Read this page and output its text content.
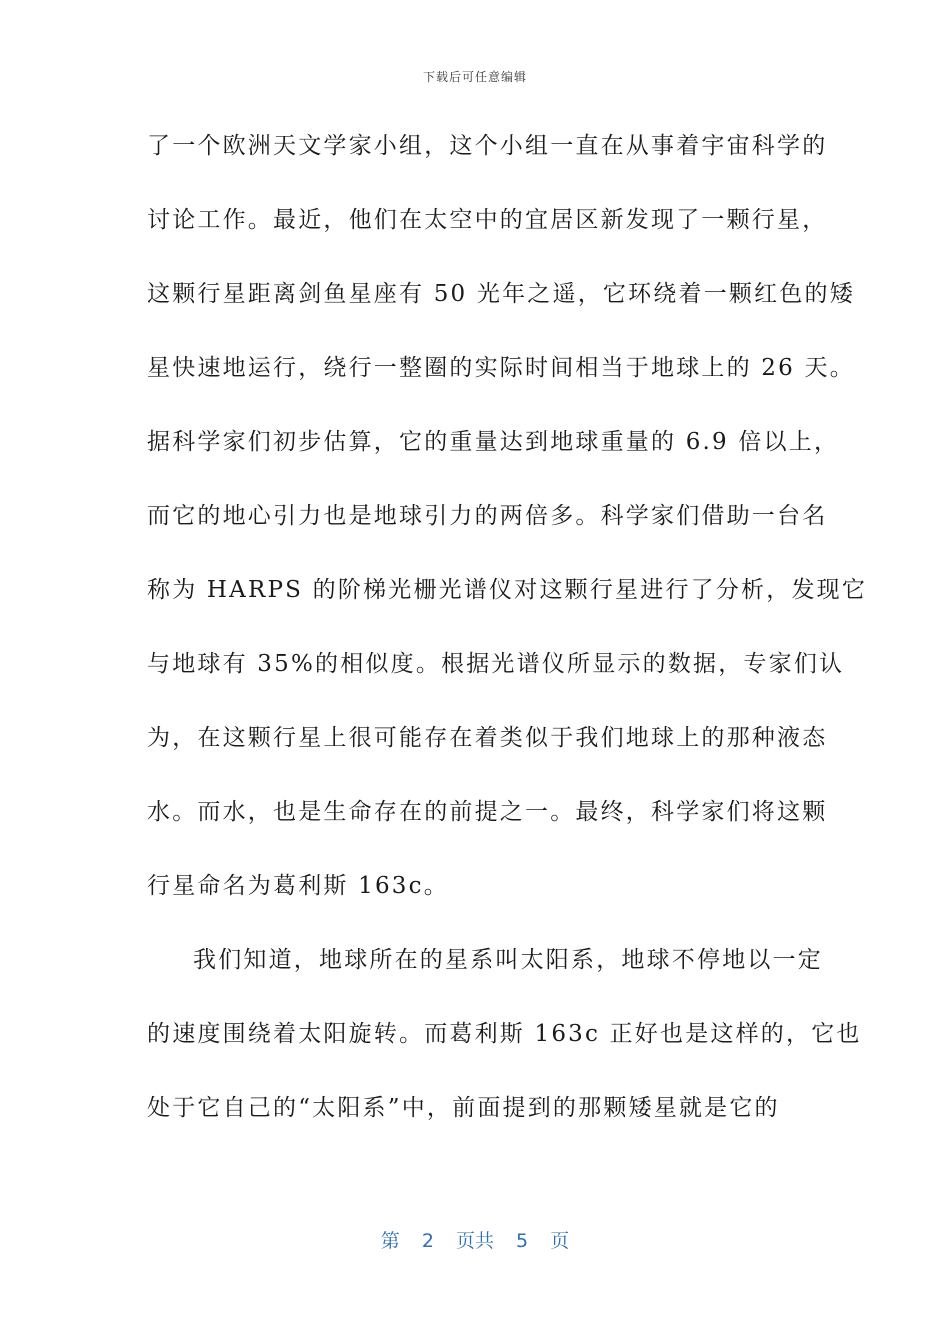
下载后可任意编辑
了一个欧洲天文学家小组，这个小组一直在从事着宇宙科学的
讨论工作。最近，他们在太空中的宜居区新发现了一颗行星，
这颗行星距离剑鱼星座有 50 光年之遥，它环绕着一颗红色的矮
星快速地运行，绕行一整圈的实际时间相当于地球上的 26 天。
据科学家们初步估算，它的重量达到地球重量的 6.9 倍以上，
而它的地心引力也是地球引力的两倍多。科学家们借助一台名
称为 HARPS 的阶梯光栅光谱仪对这颗行星进行了分析，发现它
与地球有 35%的相似度。根据光谱仪所显示的数据，专家们认
为，在这颗行星上很可能存在着类似于我们地球上的那种液态
水。而水，也是生命存在的前提之一。最终，科学家们将这颗
行星命名为葛利斯 163c。
我们知道，地球所在的星系叫太阳系，地球不停地以一定
的速度围绕着太阳旋转。而葛利斯 163c 正好也是这样的，它也
处于它自己的“太阳系”中，前面提到的那颗矮星就是它的
第 2 页共 5 页
